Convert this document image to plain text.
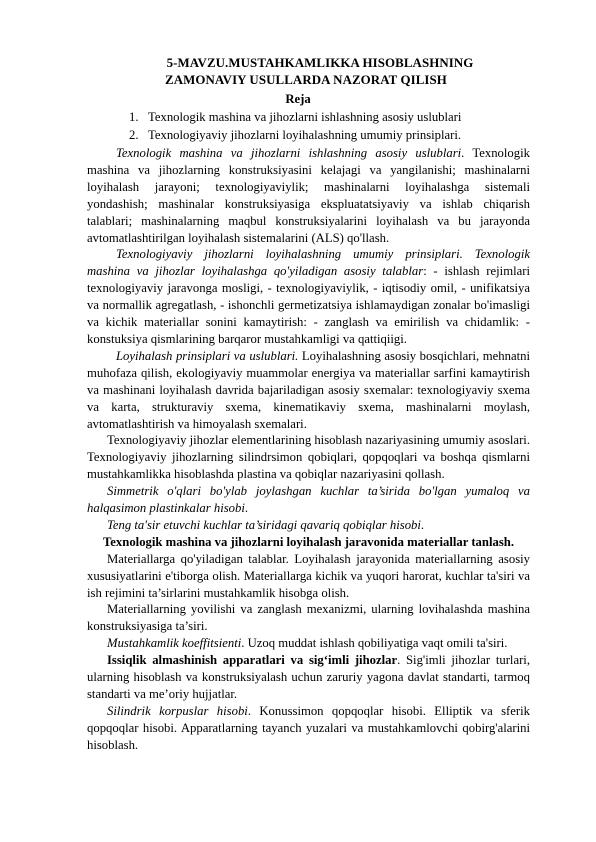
5-MAVZU.MUSTAHKAMLIKKA HISOBLASHNING
ZAMONAVIY USULLARDA NAZORAT QILISH
Reja
1. Texnologik mashina va jihozlarni ishlashning asosiy uslublari
2. Texnologiyaviy jihozlarni loyihalashning umumiy prinsiplari.

Texnologik mashina va jihozlarni ishlashning asosiy uslublari. Texnologik mashina va jihozlarning konstruksiyasini kelajagi va yangilanishi; mashinalarni loyihalash jarayoni; texnologiyaviylik; mashinalarni loyihalashga sistemali yondashish; mashinalar konstruksiyasiga ekspluatatsiyaviy va ishlab chiqarish talablari; mashinalarning maqbul konstruksiyalarini loyihalash va bu jarayonda avtomatlashtirilgan loyihalash sistemalarini (ALS) qo'llash.

Texnologiyaviy jihozlarni loyihalashning umumiy prinsiplari. Texnologik mashina va jihozlar loyihalashga qo'yiladigan asosiy talablar: - ishlash rejimlari texnologiyaviy jaravonga mosligi, - texnologiyaviylik, - iqtisodiy omil, - unifikatsiya va normallik agregatlash, - ishonchli germetizatsiya ishlamaydigan zonalar bo'imasligi va kichik materiallar sonini kamaytirish: - zanglash va emirilish va chidamlik: - konstuksiya qismlarining barqaror mustahkamligi va qattiqiigi.

Loyihalash prinsiplari va uslublari. Loyihalashning asosiy bosqichlari, mehnatni muhofaza qilish, ekologiyaviy muammolar energiya va materiallar sarfini kamaytirish va mashinani loyihalash davrida bajariladigan asosiy sxemalar: texnologiyaviy sxema va karta, strukturaviy sxema, kinematikaviy sxema, mashinalarni moylash, avtomatlashtirish va himoyalash sxemalari.

Texnologiyaviy jihozlar elementlarining hisoblash nazariyasining umumiy asoslari. Texnologiyaviy jihozlarning silindrsimon qobiqlari, qopqoqlari va boshqa qismlarni mustahkamlikka hisoblashda plastina va qobiqlar nazariyasini qollash.

Simmetrik o'qlari bo'ylab joylashgan kuchlar ta’sirida bo'lgan yumaloq va halqasimon plastinkalar hisobi.

Teng ta'sir etuvchi kuchlar ta’siridagi qavariq qobiqlar hisobi.

Texnologik mashina va jihozlarni loyihalash jaravonida materiallar tanlash.

Materiallarga qo'yiladigan talablar. Loyihalash jarayonida materiallarning asosiy xususiyatlarini e'tiborga olish. Materiallarga kichik va yuqori harorat, kuchlar ta'siri va ish rejimini ta’sirlarini mustahkamlik hisobga olish.

Materiallarning yovilishi va zanglash mexanizmi, ularning lovihalashda mashina konstruksiyasiga ta’siri.

Mustahkamlik koeffitsienti. Uzoq muddat ishlash qobiliyatiga vaqt omili ta'siri.

Issiqlik almashinish apparatlari va sig‘imli jihozlar. Sig'imli jihozlar turlari, ularning hisoblash va konstruksiyalash uchun zaruriy yagona davlat standarti, tarmoq standarti va me’oriy hujjatlar.

Silindrik korpuslar hisobi. Konussimon qopqoqlar hisobi. Elliptik va sferik qopqoqlar hisobi. Apparatlarning tayanch yuzalari va mustahkamlovchi qobirg'alarini hisoblash.
